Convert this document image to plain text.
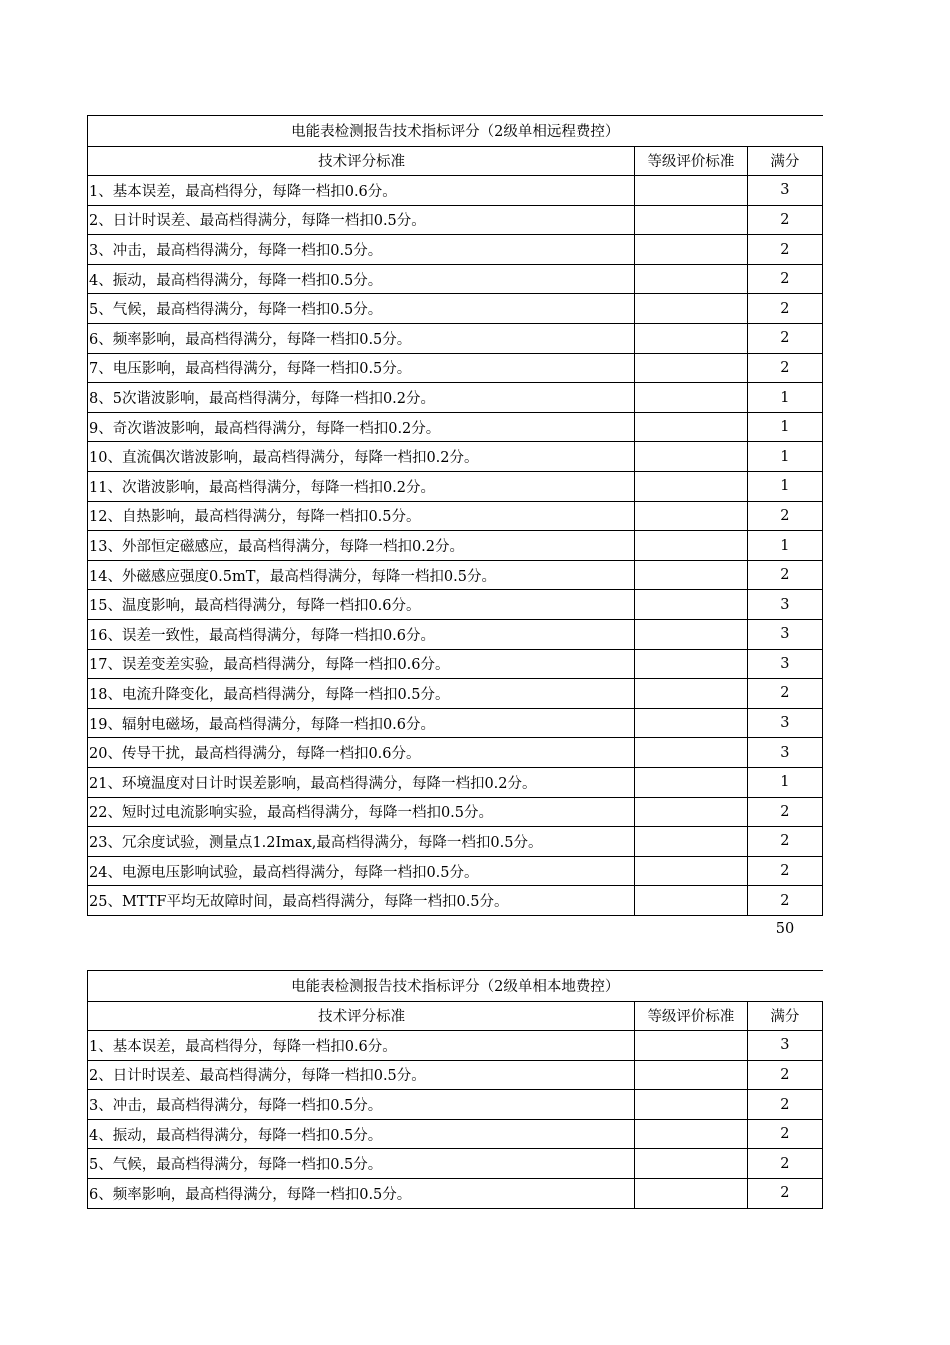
电能表检测报告技术指标评分（2级单相远程费控）		
技术评分标准	等级评价标准	满分
1、基本误差，最高档得分，每降一档扣0.6分。		3
2、日计时误差、最高档得满分，每降一档扣0.5分。		2
3、冲击，最高档得满分，每降一档扣0.5分。		2
4、振动，最高档得满分，每降一档扣0.5分。		2
5、气候，最高档得满分，每降一档扣0.5分。		2
6、频率影响，最高档得满分，每降一档扣0.5分。		2
7、电压影响，最高档得满分，每降一档扣0.5分。		2
8、5次谐波影响，最高档得满分，每降一档扣0.2分。		1
9、奇次谐波影响，最高档得满分，每降一档扣0.2分。		1
10、直流偶次谐波影响，最高档得满分，每降一档扣0.2分。		1
11、次谐波影响，最高档得满分，每降一档扣0.2分。		1
12、自热影响，最高档得满分，每降一档扣0.5分。		2
13、外部恒定磁感应，最高档得满分，每降一档扣0.2分。		1
14、外磁感应强度0.5mT，最高档得满分，每降一档扣0.5分。		2
15、温度影响，最高档得满分，每降一档扣0.6分。		3
16、误差一致性，最高档得满分，每降一档扣0.6分。		3
17、误差变差实验，最高档得满分，每降一档扣0.6分。		3
18、电流升降变化，最高档得满分，每降一档扣0.5分。		2
19、辐射电磁场，最高档得满分，每降一档扣0.6分。		3
20、传导干扰，最高档得满分，每降一档扣0.6分。		3
21、环境温度对日计时误差影响，最高档得满分，每降一档扣0.2分。		1
22、短时过电流影响实验，最高档得满分，每降一档扣0.5分。		2
23、冗余度试验，测量点1.2Imax,最高档得满分，每降一档扣0.5分。		2
24、电源电压影响试验，最高档得满分，每降一档扣0.5分。		2
25、MTTF平均无故障时间，最高档得满分，每降一档扣0.5分。		2
50
电能表检测报告技术指标评分（2级单相本地费控）		
技术评分标准	等级评价标准	满分
1、基本误差，最高档得分，每降一档扣0.6分。		3
2、日计时误差、最高档得满分，每降一档扣0.5分。		2
3、冲击，最高档得满分，每降一档扣0.5分。		2
4、振动，最高档得满分，每降一档扣0.5分。		2
5、气候，最高档得满分，每降一档扣0.5分。		2
6、频率影响，最高档得满分，每降一档扣0.5分。		2
